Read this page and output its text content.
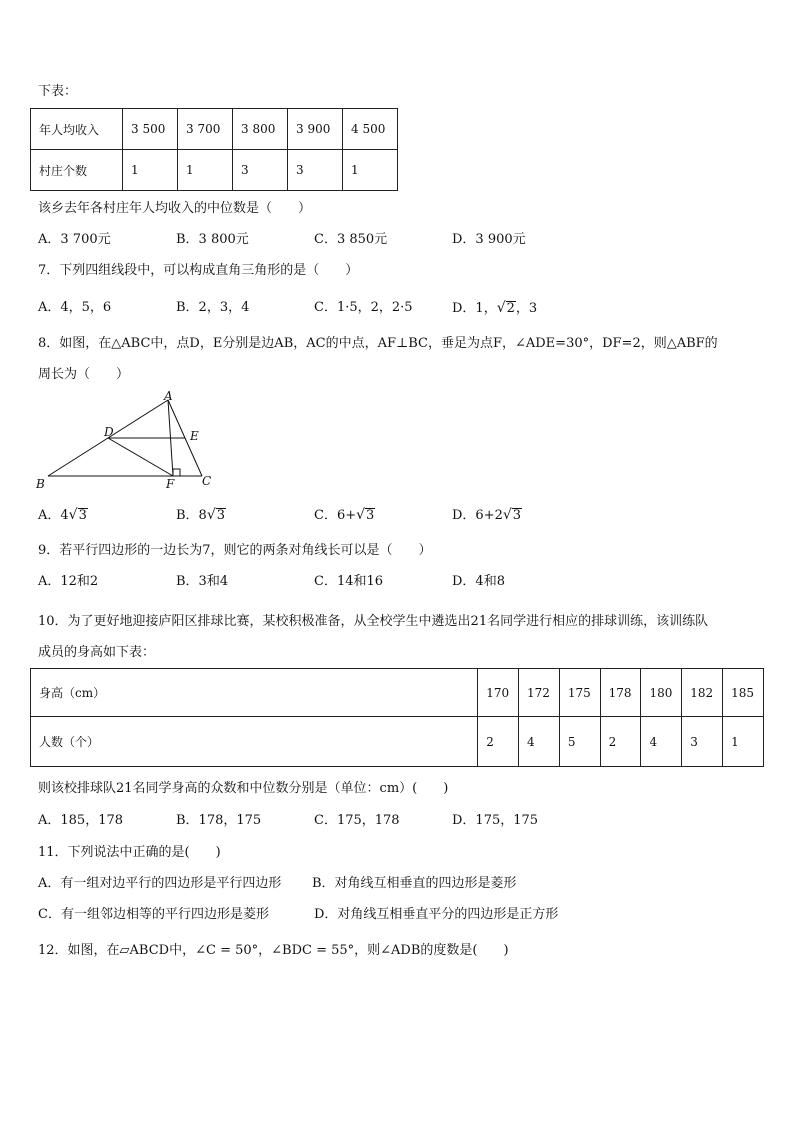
下表：
年人均收入	3 500	3 700	3 800	3 900	4 500
村庄个数	1	1	3	3	1
该乡去年各村庄年人均收入的中位数是（　　）
A．3 700元	B．3 800元	C．3 850元	D．3 900元
7．下列四组线段中，可以构成直角三角形的是（　　）
A．4，5，6	B．2，3，4	C．1·5，2，2·5	D．1，√2，3
8．如图，在△ABC中，点D，E分别是边AB，AC的中点，AF⊥BC，垂足为点F，∠ADE=30°，DF=2，则△ABF的
周长为（　　）
A
B	C
D	E
F
A．4√3	B．8√3	C．6+√3	D．6+2√3
9．若平行四边形的一边长为7，则它的两条对角线长可以是（　　）
A．12和2	B．3和4	C．14和16	D．4和8
10．为了更好地迎接庐阳区排球比赛，某校积极准备，从全校学生中遴选出21名同学进行相应的排球训练，该训练队
成员的身高如下表：
身高（cm）	170	172	175	178	180	182	185
人数（个）	2	4	5	2	4	3	1
则该校排球队21名同学身高的众数和中位数分别是（单位：cm）(　　)
A．185，178	B．178，175	C．175，178	D．175，175
11．下列说法中正确的是(　　)
A．有一组对边平行的四边形是平行四边形 B．对角线互相垂直的四边形是菱形
C．有一组邻边相等的平行四边形是菱形	D．对角线互相垂直平分的四边形是正方形
12．如图，在▱ABCD中，∠C = 50°，∠BDC = 55°，则∠ADB的度数是(　　)
